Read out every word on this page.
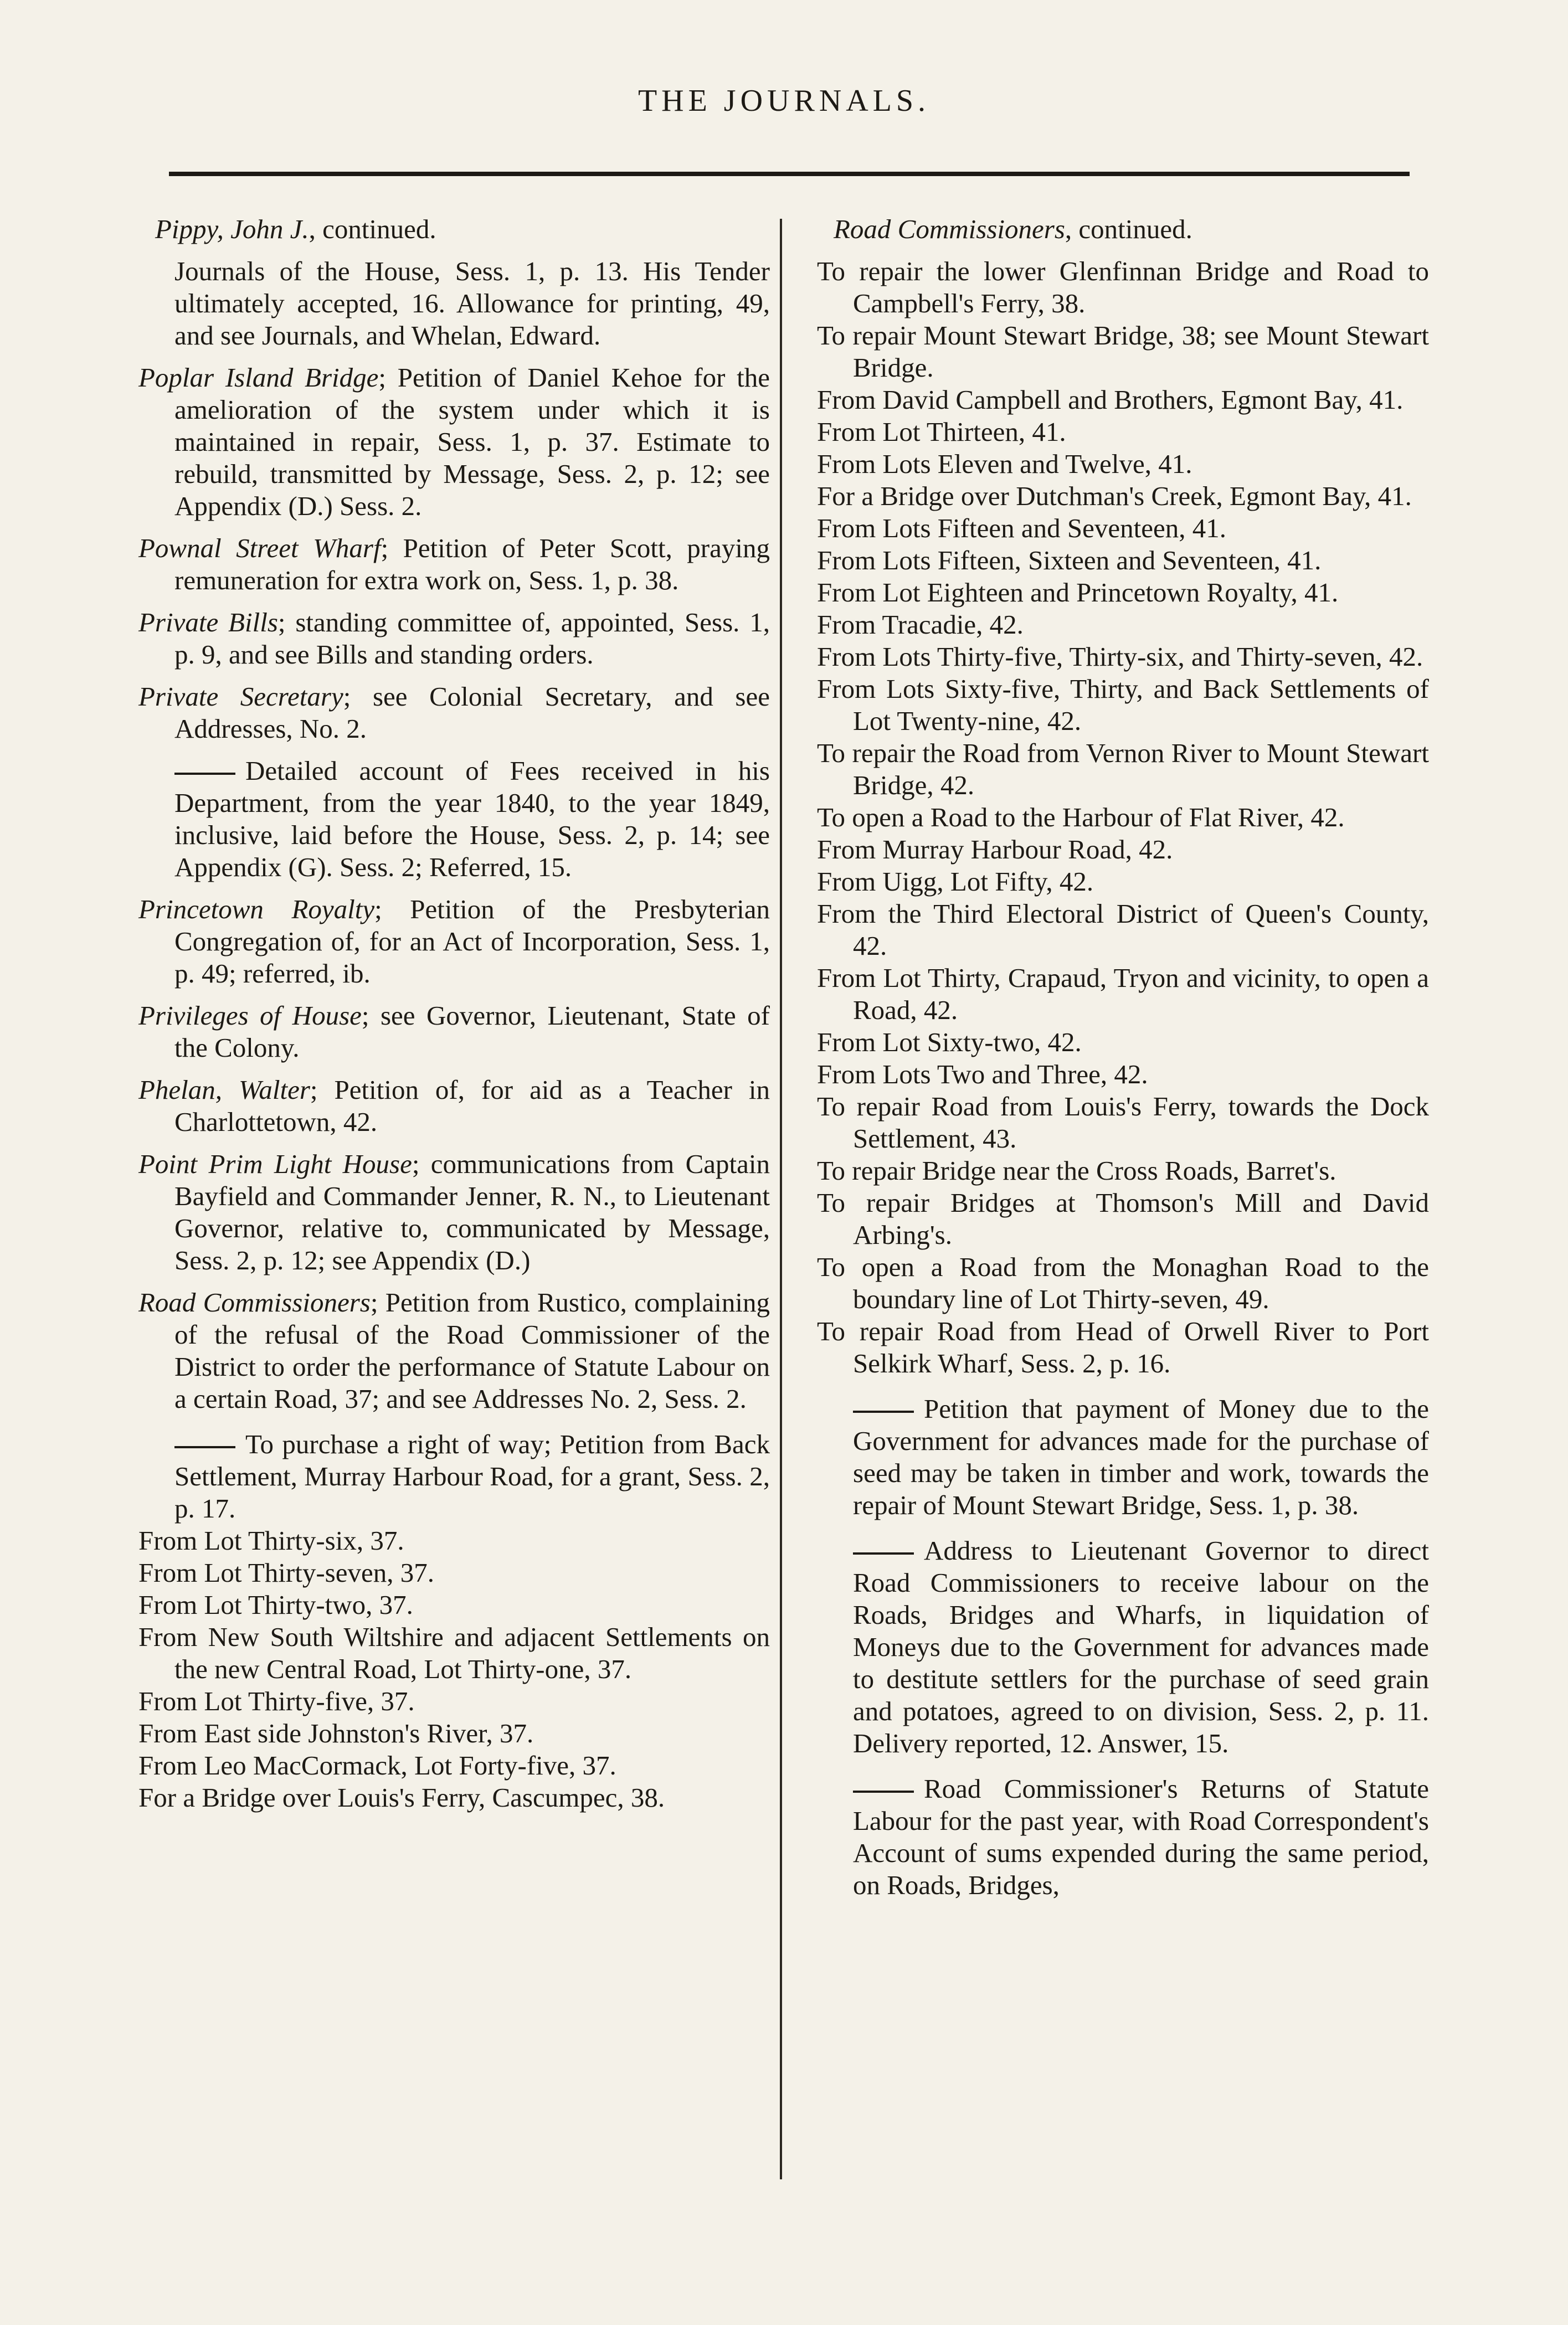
THE JOURNALS.

Pippy, John J., continued.

Journals of the House, Sess. 1, p. 13. His Tender ultimately accepted, 16. Allowance for printing, 49, and see Journals, and Whelan, Edward.

Poplar Island Bridge; Petition of Daniel Kehoe for the amelioration of the system under which it is maintained in repair, Sess. 1, p. 37. Estimate to rebuild, transmitted by Message, Sess. 2, p. 12; see Appendix (D.) Sess. 2.

Pownal Street Wharf; Petition of Peter Scott, praying remuneration for extra work on, Sess. 1, p. 38.

Private Bills; standing committee of, appointed, Sess. 1, p. 9, and see Bills and standing orders.

Private Secretary; see Colonial Secretary, and see Addresses, No. 2.

Detailed account of Fees received in his Department, from the year 1840, to the year 1849, inclusive, laid before the House, Sess. 2, p. 14; see Appendix (G). Sess. 2; Referred, 15.

Princetown Royalty; Petition of the Presbyterian Congregation of, for an Act of Incorporation, Sess. 1, p. 49; referred, ib.

Privileges of House; see Governor, Lieutenant, State of the Colony.

Phelan, Walter; Petition of, for aid as a Teacher in Charlottetown, 42.

Point Prim Light House; communications from Captain Bayfield and Commander Jenner, R. N., to Lieutenant Governor, relative to, communicated by Message, Sess. 2, p. 12; see Appendix (D.)

Road Commissioners; Petition from Rustico, complaining of the refusal of the Road Commissioner of the District to order the performance of Statute Labour on a certain Road, 37; and see Addresses No. 2, Sess. 2.

To purchase a right of way; Petition from Back Settlement, Murray Harbour Road, for a grant, Sess. 2, p. 17.

From Lot Thirty-six, 37.

From Lot Thirty-seven, 37.

From Lot Thirty-two, 37.

From New South Wiltshire and adjacent Settlements on the new Central Road, Lot Thirty-one, 37.

From Lot Thirty-five, 37.

From East side Johnston's River, 37.

From Leo MacCormack, Lot Forty-five, 37.

For a Bridge over Louis's Ferry, Cascumpec, 38.

Road Commissioners, continued.

To repair the lower Glenfinnan Bridge and Road to Campbell's Ferry, 38.

To repair Mount Stewart Bridge, 38; see Mount Stewart Bridge.

From David Campbell and Brothers, Egmont Bay, 41.

From Lot Thirteen, 41.

From Lots Eleven and Twelve, 41.

For a Bridge over Dutchman's Creek, Egmont Bay, 41.

From Lots Fifteen and Seventeen, 41.

From Lots Fifteen, Sixteen and Seventeen, 41.

From Lot Eighteen and Princetown Royalty, 41.

From Tracadie, 42.

From Lots Thirty-five, Thirty-six, and Thirty-seven, 42.

From Lots Sixty-five, Thirty, and Back Settlements of Lot Twenty-nine, 42.

To repair the Road from Vernon River to Mount Stewart Bridge, 42.

To open a Road to the Harbour of Flat River, 42.

From Murray Harbour Road, 42.

From Uigg, Lot Fifty, 42.

From the Third Electoral District of Queen's County, 42.

From Lot Thirty, Crapaud, Tryon and vicinity, to open a Road, 42.

From Lot Sixty-two, 42.

From Lots Two and Three, 42.

To repair Road from Louis's Ferry, towards the Dock Settlement, 43.

To repair Bridge near the Cross Roads, Barret's.

To repair Bridges at Thomson's Mill and David Arbing's.

To open a Road from the Monaghan Road to the boundary line of Lot Thirty-seven, 49.

To repair Road from Head of Orwell River to Port Selkirk Wharf, Sess. 2, p. 16.

Petition that payment of Money due to the Government for advances made for the purchase of seed may be taken in timber and work, towards the repair of Mount Stewart Bridge, Sess. 1, p. 38.

Address to Lieutenant Governor to direct Road Commissioners to receive labour on the Roads, Bridges and Wharfs, in liquidation of Moneys due to the Government for advances made to destitute settlers for the purchase of seed grain and potatoes, agreed to on division, Sess. 2, p. 11. Delivery reported, 12. Answer, 15.

Road Commissioner's Returns of Statute Labour for the past year, with Road Correspondent's Account of sums expended during the same period, on Roads, Bridges,
